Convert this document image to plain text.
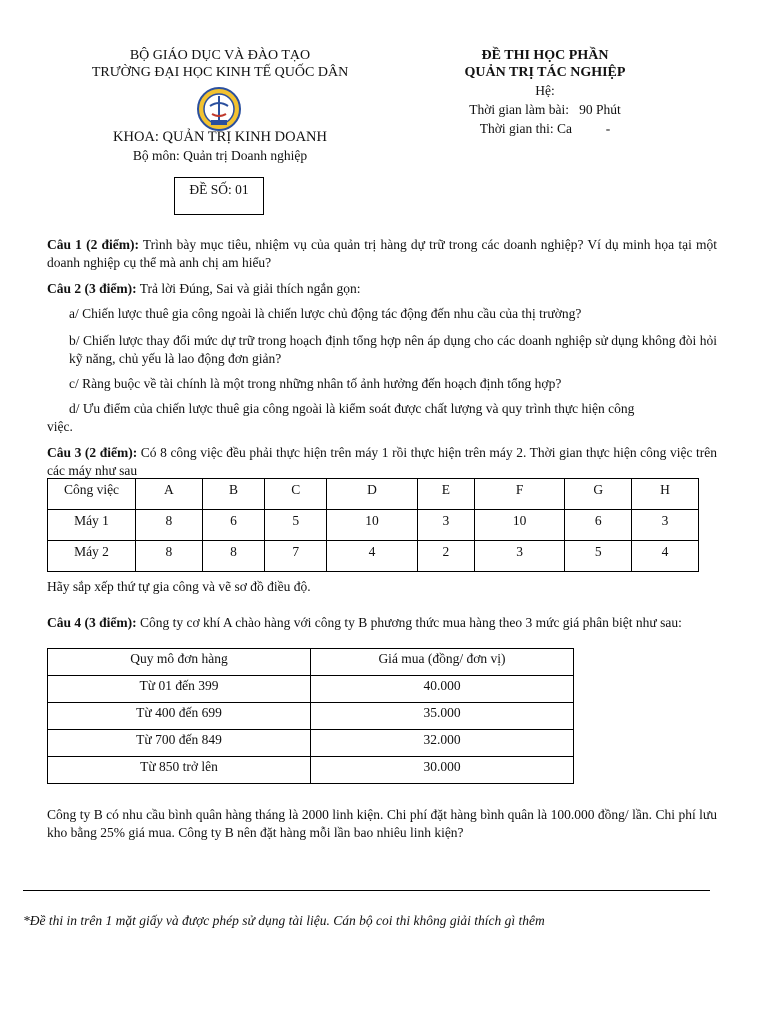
BỘ GIÁO DỤC VÀ ĐÀO TẠO
TRƯỜNG ĐẠI HỌC KINH TẾ QUỐC DÂN
KHOA: QUẢN TRỊ KINH DOANH
Bộ môn: Quản trị Doanh nghiệp
ĐỀ SỐ: 01
ĐỀ THI HỌC PHẦN
QUẢN TRỊ TÁC NGHIỆP
Hệ:
Thời gian làm bài: 90 Phút
Thời gian thi: Ca          -
Câu 1 (2 điểm): Trình bày mục tiêu, nhiệm vụ của quản trị hàng dự trữ trong các doanh nghiệp? Ví dụ minh họa tại một doanh nghiệp cụ thể mà anh chị am hiểu?
Câu 2 (3 điểm): Trả lời Đúng, Sai và giải thích ngắn gọn:
a/ Chiến lược thuê gia công ngoài là chiến lược chủ động tác động đến nhu cầu của thị trường?
b/ Chiến lược thay đổi mức dự trữ trong hoạch định tổng hợp nên áp dụng cho các doanh nghiệp sử dụng không đòi hỏi kỹ năng, chủ yếu là lao động đơn giản?
c/ Ràng buộc về tài chính là một trong những nhân tố ảnh hưởng đến hoạch định tổng hợp?
d/ Ưu điểm của chiến lược thuê gia công ngoài là kiểm soát được chất lượng và quy trình thực hiện công
việc.
Câu 3 (2 điểm): Có 8 công việc đều phải thực hiện trên máy 1 rồi thực hiện trên máy 2. Thời gian thực hiện công việc trên các máy như sau
Công việc	A	B	C	D	E	F	G	H
Máy 1	8	6	5	10	3	10	6	3
Máy 2	8	8	7	4	2	3	5	4
Hãy sắp xếp thứ tự gia công và vẽ sơ đồ điều độ.
Câu 4 (3 điểm): Công ty cơ khí A chào hàng với công ty B phương thức mua hàng theo 3 mức giá phân biệt như sau:
Quy mô đơn hàng	Giá mua (đồng/ đơn vị)
Từ 01 đến 399	40.000
Từ 400 đến 699	35.000
Từ 700 đến 849	32.000
Từ 850 trở lên	30.000
Công ty B có nhu cầu bình quân hàng tháng là 2000 linh kiện. Chi phí đặt hàng bình quân là 100.000 đồng/ lần. Chi phí lưu kho bằng 25% giá mua. Công ty B nên đặt hàng mỗi lần bao nhiêu linh kiện?
*Đề thi in trên 1 mặt giấy và được phép sử dụng tài liệu. Cán bộ coi thi không giải thích gì thêm
